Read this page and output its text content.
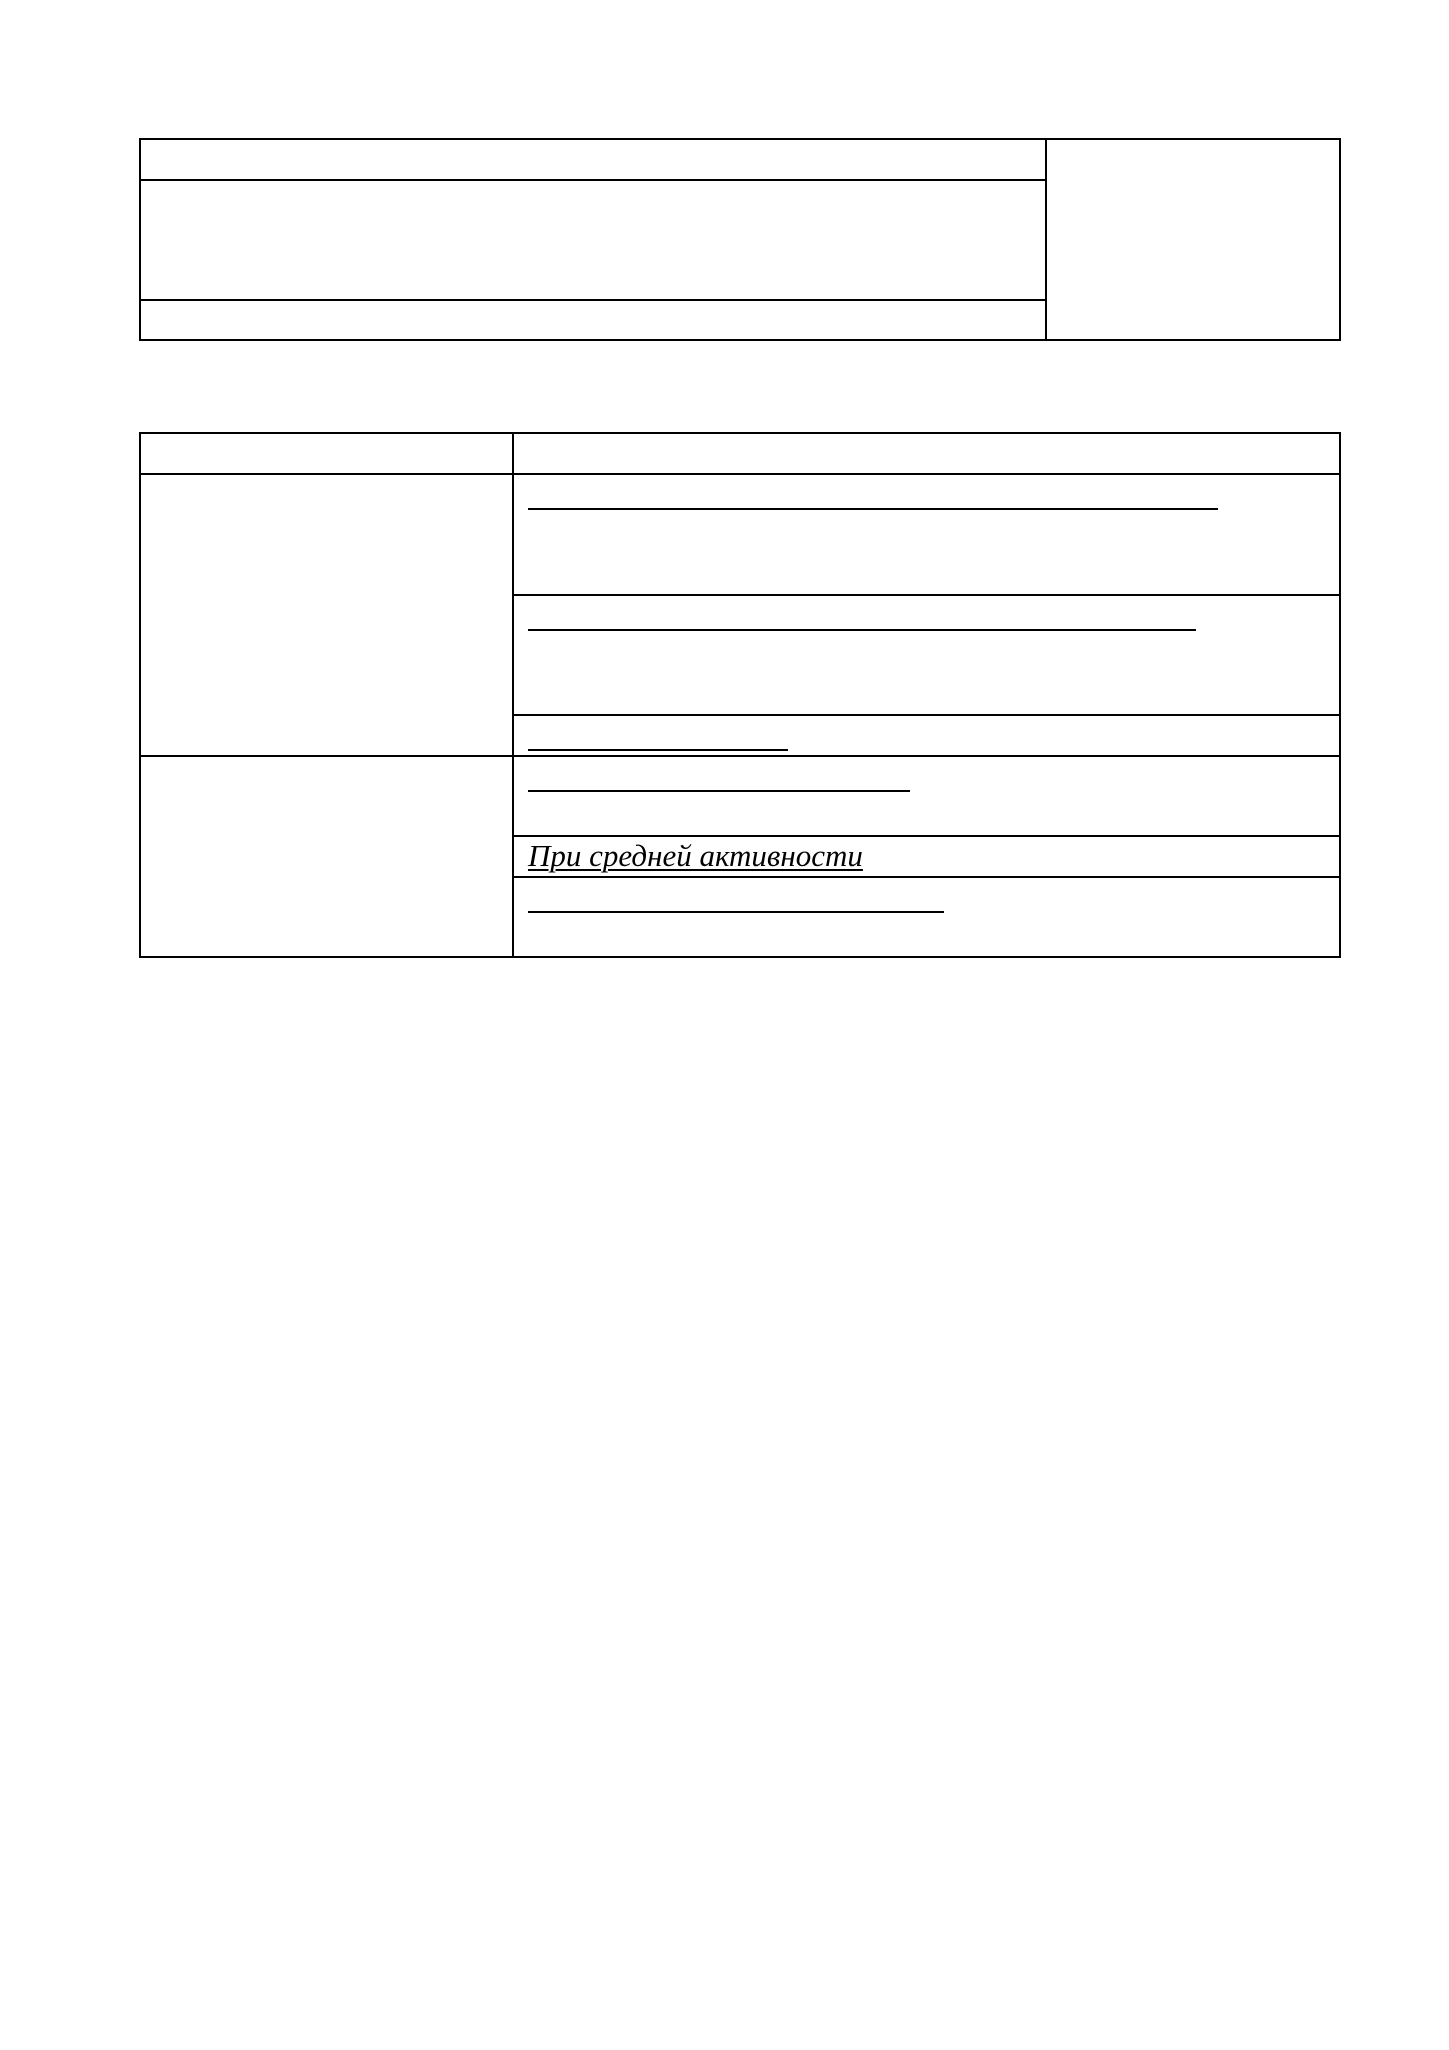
	При средней активности
